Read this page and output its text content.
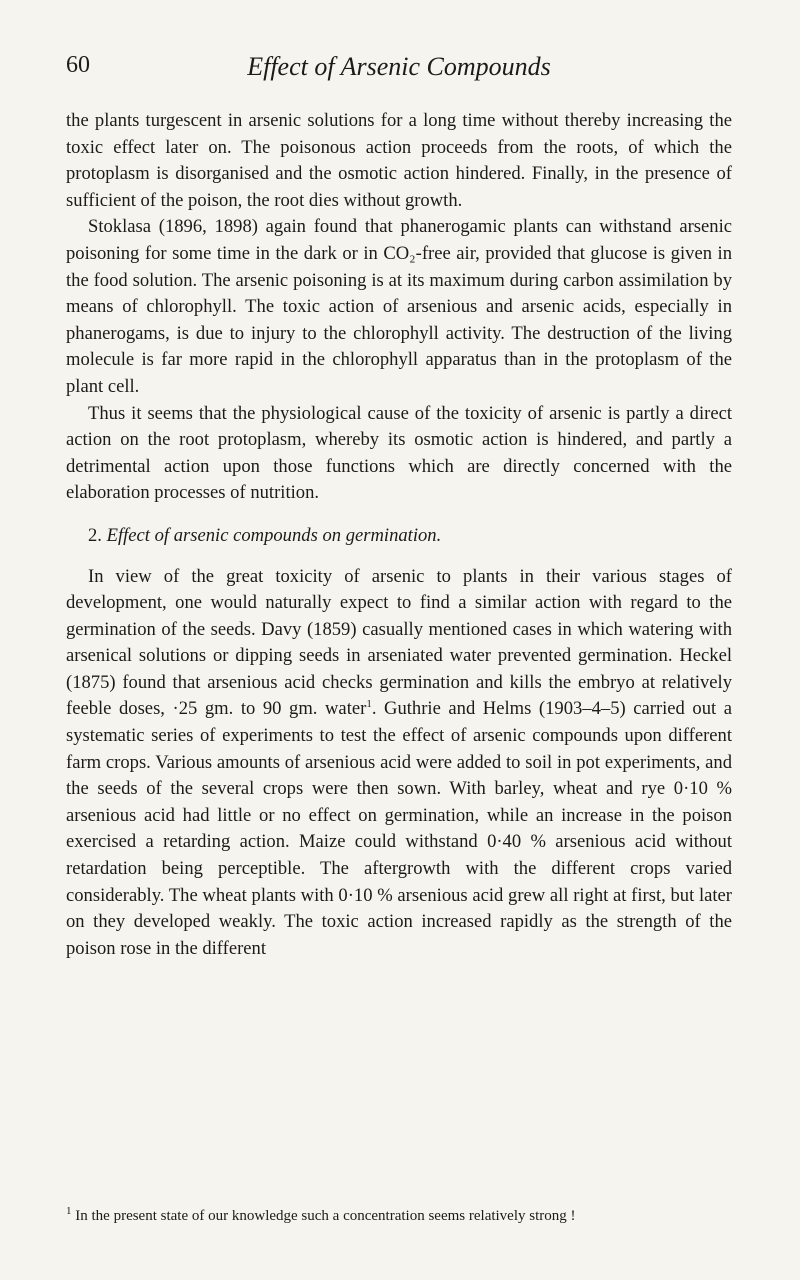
60	Effect of Arsenic Compounds

the plants turgescent in arsenic solutions for a long time without thereby increasing the toxic effect later on. The poisonous action proceeds from the roots, of which the protoplasm is disorganised and the osmotic action hindered. Finally, in the presence of sufficient of the poison, the root dies without growth.

Stoklasa (1896, 1898) again found that phanerogamic plants can withstand arsenic poisoning for some time in the dark or in CO₂-free air, provided that glucose is given in the food solution. The arsenic poisoning is at its maximum during carbon assimilation by means of chlorophyll. The toxic action of arsenious and arsenic acids, especially in phanerogams, is due to injury to the chlorophyll activity. The destruction of the living molecule is far more rapid in the chlorophyll apparatus than in the protoplasm of the plant cell.

Thus it seems that the physiological cause of the toxicity of arsenic is partly a direct action on the root protoplasm, whereby its osmotic action is hindered, and partly a detrimental action upon those functions which are directly concerned with the elaboration processes of nutrition.

2. Effect of arsenic compounds on germination.

In view of the great toxicity of arsenic to plants in their various stages of development, one would naturally expect to find a similar action with regard to the germination of the seeds. Davy (1859) casually mentioned cases in which watering with arsenical solutions or dipping seeds in arseniated water prevented germination. Heckel (1875) found that arsenious acid checks germination and kills the embryo at relatively feeble doses, ·25 gm. to 90 gm. water$^1$. Guthrie and Helms (1903–4–5) carried out a systematic series of experiments to test the effect of arsenic compounds upon different farm crops. Various amounts of arsenious acid were added to soil in pot experiments, and the seeds of the several crops were then sown. With barley, wheat and rye 0·10 % arsenious acid had little or no effect on germination, while an increase in the poison exercised a retarding action. Maize could withstand 0·40 % arsenious acid without retardation being perceptible. The aftergrowth with the different crops varied considerably. The wheat plants with 0·10 % arsenious acid grew all right at first, but later on they developed weakly. The toxic action increased rapidly as the strength of the poison rose in the different

$^1$ In the present state of our knowledge such a concentration seems relatively strong !
